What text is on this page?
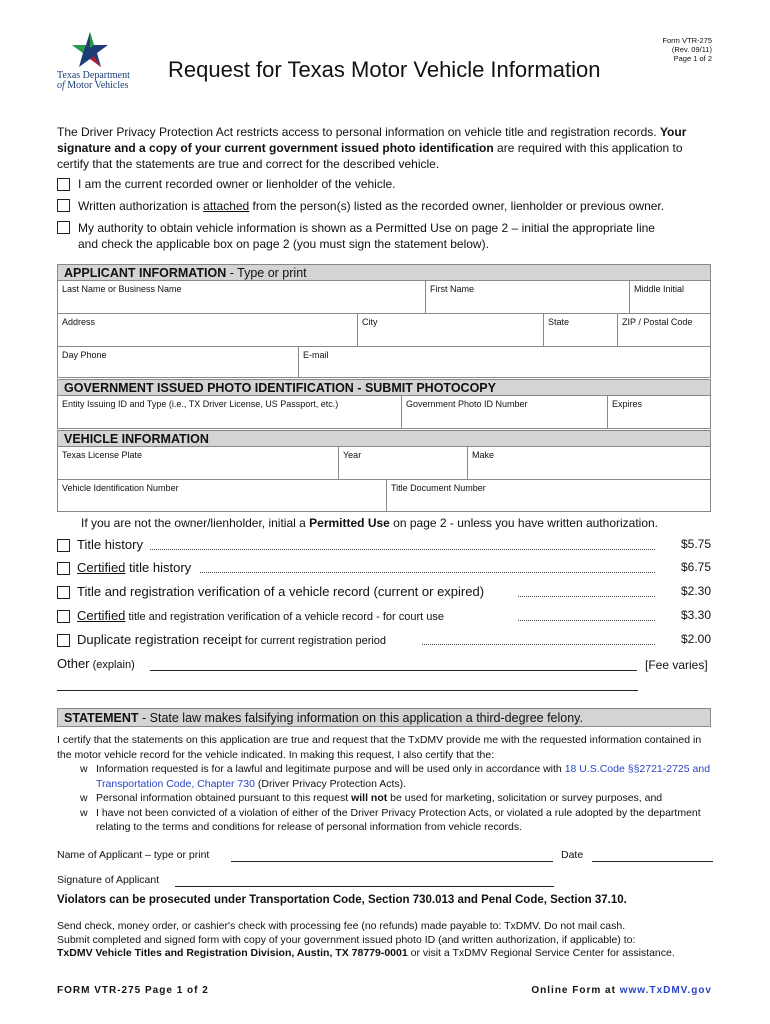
Texas Department
of Motor Vehicles
Request for Texas Motor Vehicle Information
Form VTR-275
(Rev. 09/11)
Page 1 of 2
The Driver Privacy Protection Act restricts access to personal information on vehicle title and registration records. Your signature and a copy of your current government issued photo identification are required with this application to certify that the statements are true and correct for the described vehicle.
I am the current recorded owner or lienholder of the vehicle.
Written authorization is attached from the person(s) listed as the recorded owner, lienholder or previous owner.
My authority to obtain vehicle information is shown as a Permitted Use on page 2 – initial the appropriate line
and check the applicable box on page 2 (you must sign the statement below).
APPLICANT INFORMATION - Type or print
Last Name or Business Name	First Name	Middle Initial
Address	City	State	ZIP / Postal Code
Day Phone	E-mail
GOVERNMENT ISSUED PHOTO IDENTIFICATION - SUBMIT PHOTOCOPY
Entity Issuing ID and Type (i.e., TX Driver License, US Passport, etc.)	Government Photo ID Number	Expires
VEHICLE INFORMATION
Texas License Plate	Year	Make
Vehicle Identification Number	Title Document Number
If you are not the owner/lienholder, initial a Permitted Use on page 2 - unless you have written authorization.
Title history	$5.75
Certified title history	$6.75
Title and registration verification of a vehicle record (current or expired)	$2.30
Certified title and registration verification of a vehicle record - for court use	$3.30
Duplicate registration receipt for current registration period	$2.00
Other (explain)	[Fee varies]
STATEMENT - State law makes falsifying information on this application a third-degree felony.
I certify that the statements on this application are true and request that the TxDMV provide me with the requested information contained in the motor vehicle record for the vehicle indicated. In making this request, I also certify that the:
w Information requested is for a lawful and legitimate purpose and will be used only in accordance with 18 U.S.Code §§2721-2725 and Transportation Code, Chapter 730 (Driver Privacy Protection Acts).
w Personal information obtained pursuant to this request will not be used for marketing, solicitation or survey purposes, and
w I have not been convicted of a violation of either of the Driver Privacy Protection Acts, or violated a rule adopted by the department relating to the terms and conditions for release of personal information from vehicle records.
Name of Applicant – type or print	Date
Signature of Applicant
Violators can be prosecuted under Transportation Code, Section 730.013 and Penal Code, Section 37.10.
Send check, money order, or cashier's check with processing fee (no refunds) made payable to: TxDMV. Do not mail cash.
Submit completed and signed form with copy of your government issued photo ID (and written authorization, if applicable) to:
TxDMV Vehicle Titles and Registration Division, Austin, TX 78779-0001 or visit a TxDMV Regional Service Center for assistance.
FORM VTR-275 Page 1 of 2	Online Form at www.TxDMV.gov
